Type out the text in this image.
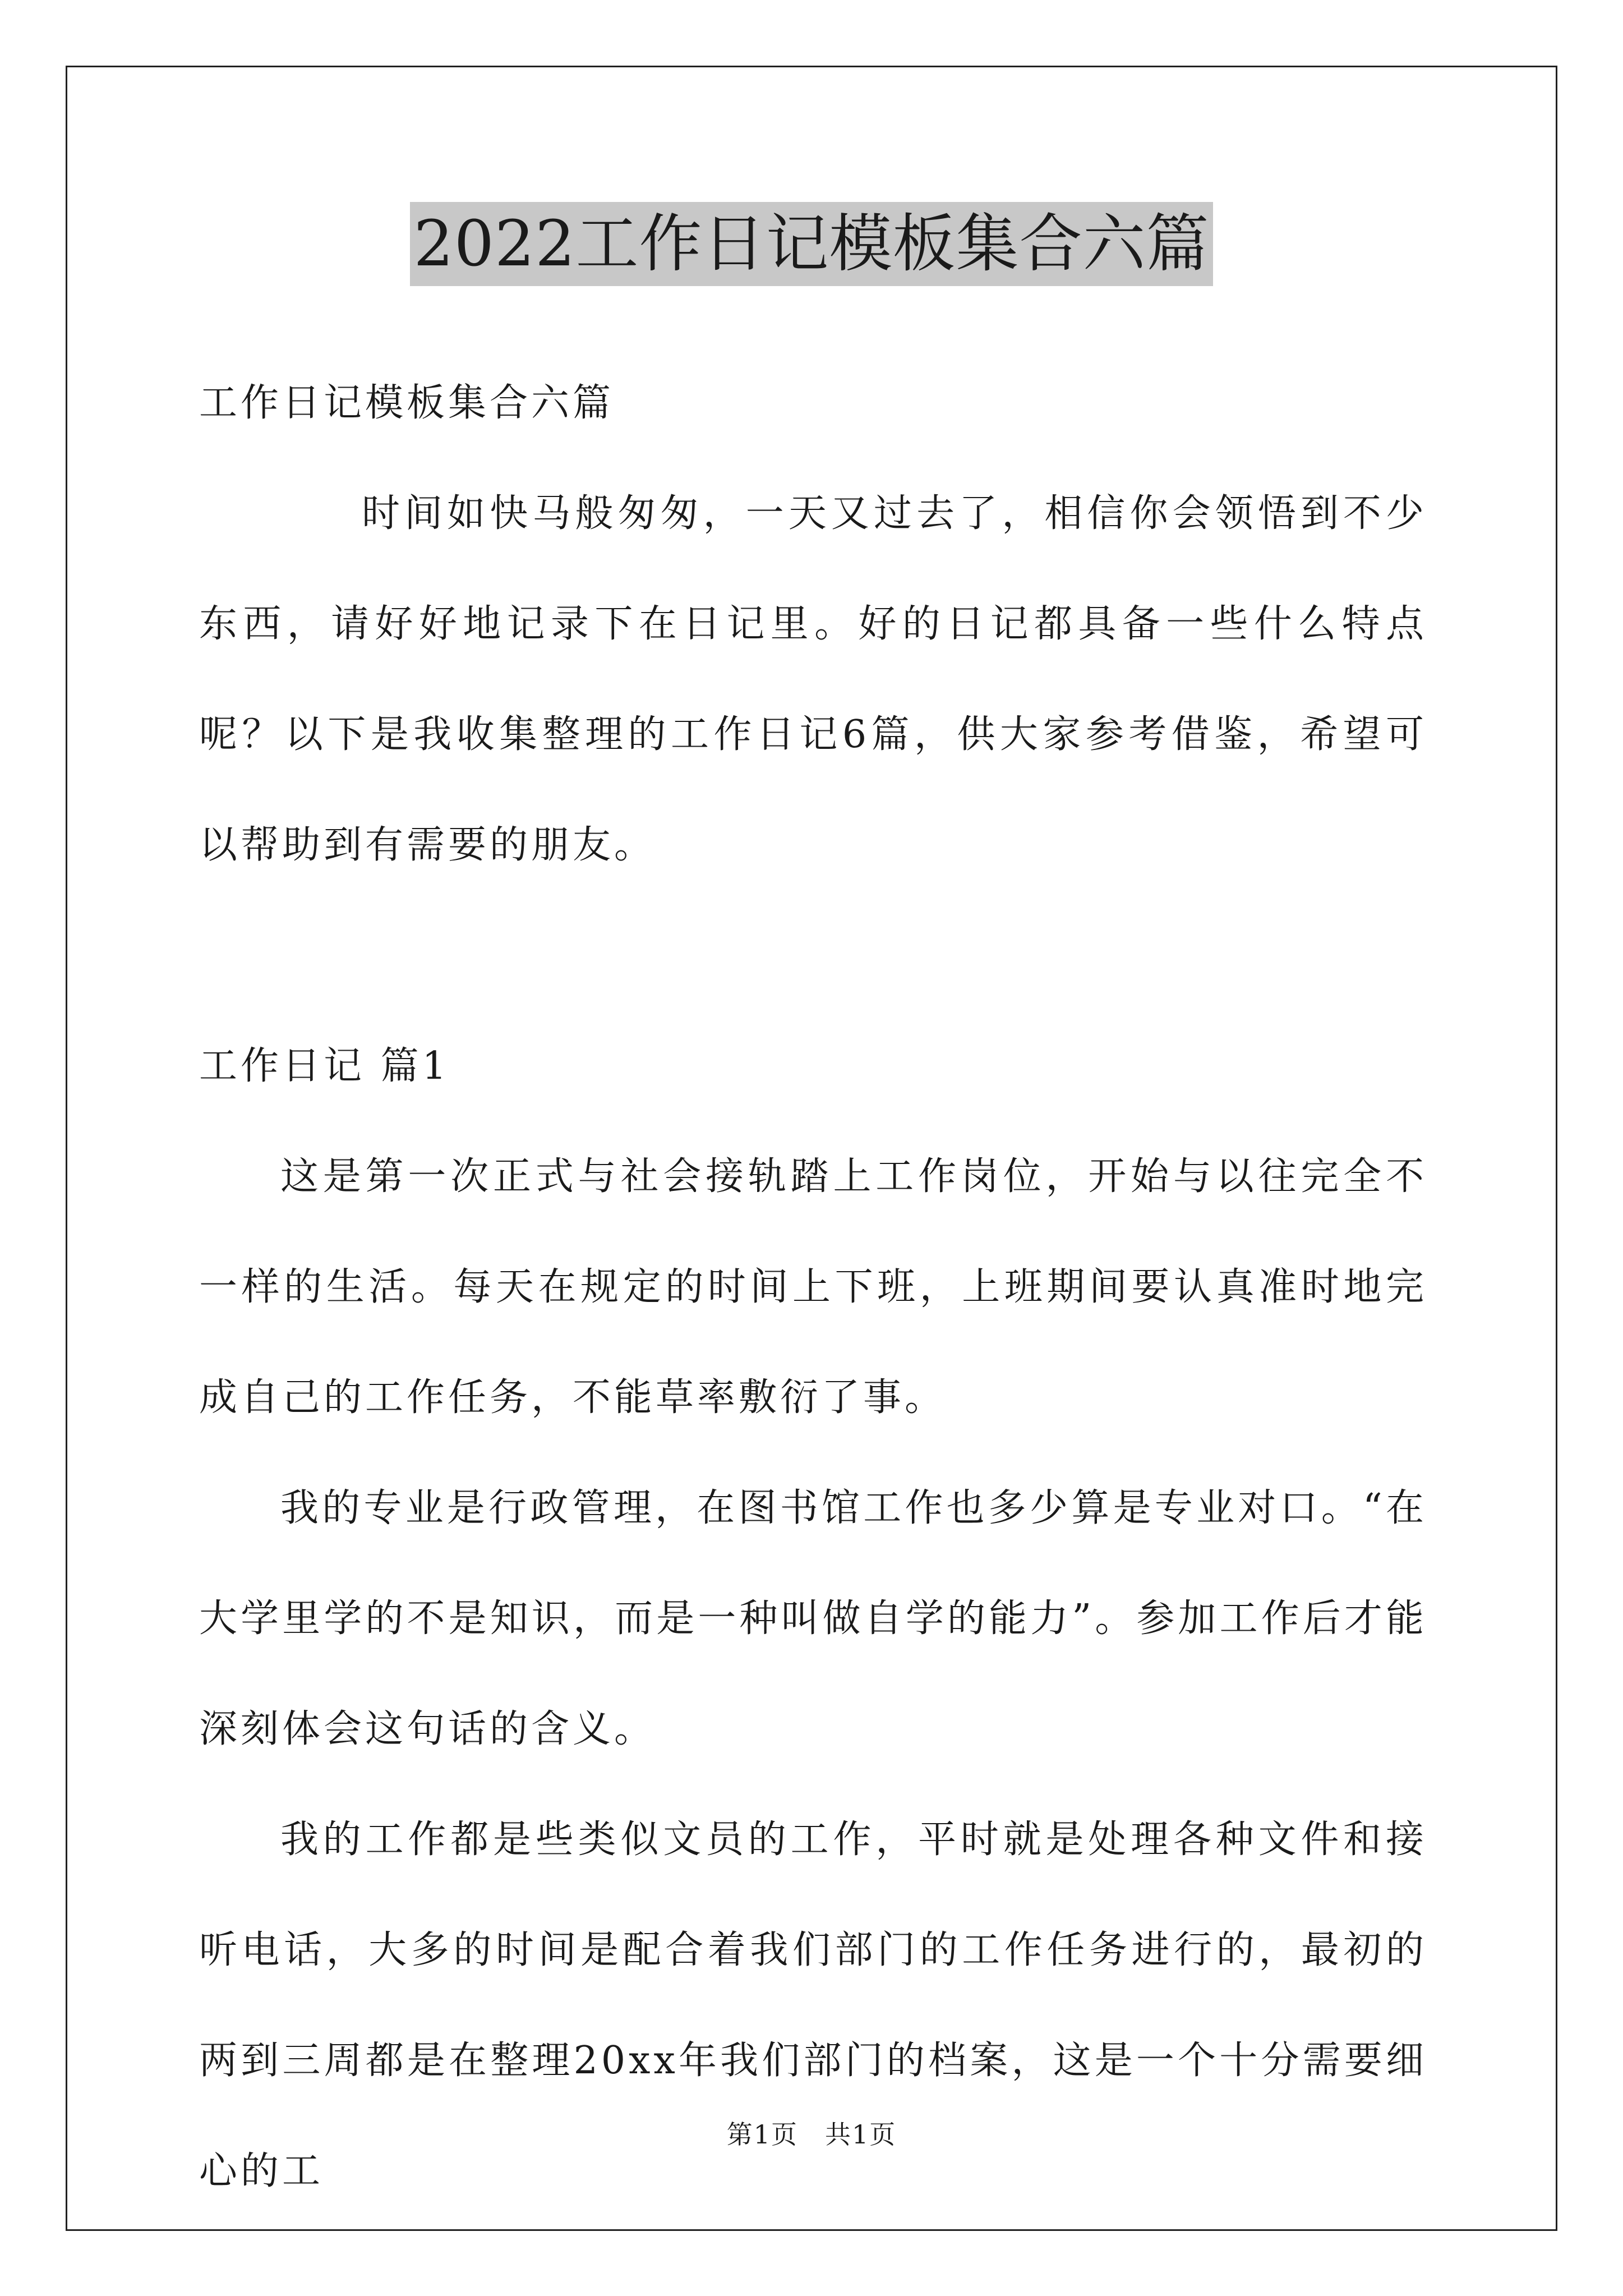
2022工作日记模板集合六篇

工作日记模板集合六篇

时间如快马般匆匆，一天又过去了，相信你会领悟到不少东西，请好好地记录下在日记里。好的日记都具备一些什么特点呢？以下是我收集整理的工作日记6篇，供大家参考借鉴，希望可以帮助到有需要的朋友。

工作日记 篇1

这是第一次正式与社会接轨踏上工作岗位，开始与以往完全不一样的生活。每天在规定的时间上下班，上班期间要认真准时地完成自己的工作任务，不能草率敷衍了事。

我的专业是行政管理，在图书馆工作也多少算是专业对口。“在大学里学的不是知识，而是一种叫做自学的能力”。参加工作后才能深刻体会这句话的含义。

我的工作都是些类似文员的工作，平时就是处理各种文件和接听电话，大多的时间是配合着我们部门的工作任务进行的，最初的两到三周都是在整理20xx年我们部门的档案，这是一个十分需要细心的工

第1页　共1页
